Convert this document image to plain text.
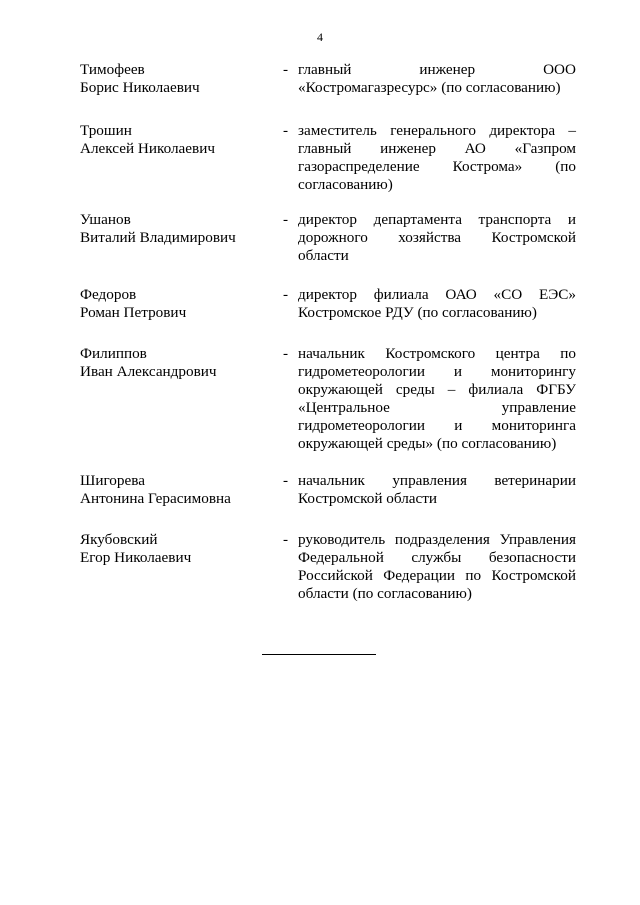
4
Тимофеев
Борис Николаевич
- главный инженер ООО «Костромагазресурс» (по согласованию)
Трошин
Алексей Николаевич
- заместитель генерального директора – главный инженер АО «Газпром газораспределение Кострома» (по согласованию)
Ушанов
Виталий Владимирович
- директор департамента транспорта и дорожного хозяйства Костромской области
Федоров
Роман Петрович
- директор филиала ОАО «СО ЕЭС» Костромское РДУ (по согласованию)
Филиппов
Иван Александрович
- начальник Костромского центра по гидрометеорологии и мониторингу окружающей среды – филиала ФГБУ «Центральное управление гидрометеорологии и мониторинга окружающей среды» (по согласованию)
Шигорева
Антонина Герасимовна
- начальник управления ветеринарии Костромской области
Якубовский
Егор Николаевич
- руководитель подразделения Управления Федеральной службы безопасности Российской Федерации по Костромской области (по согласованию)
